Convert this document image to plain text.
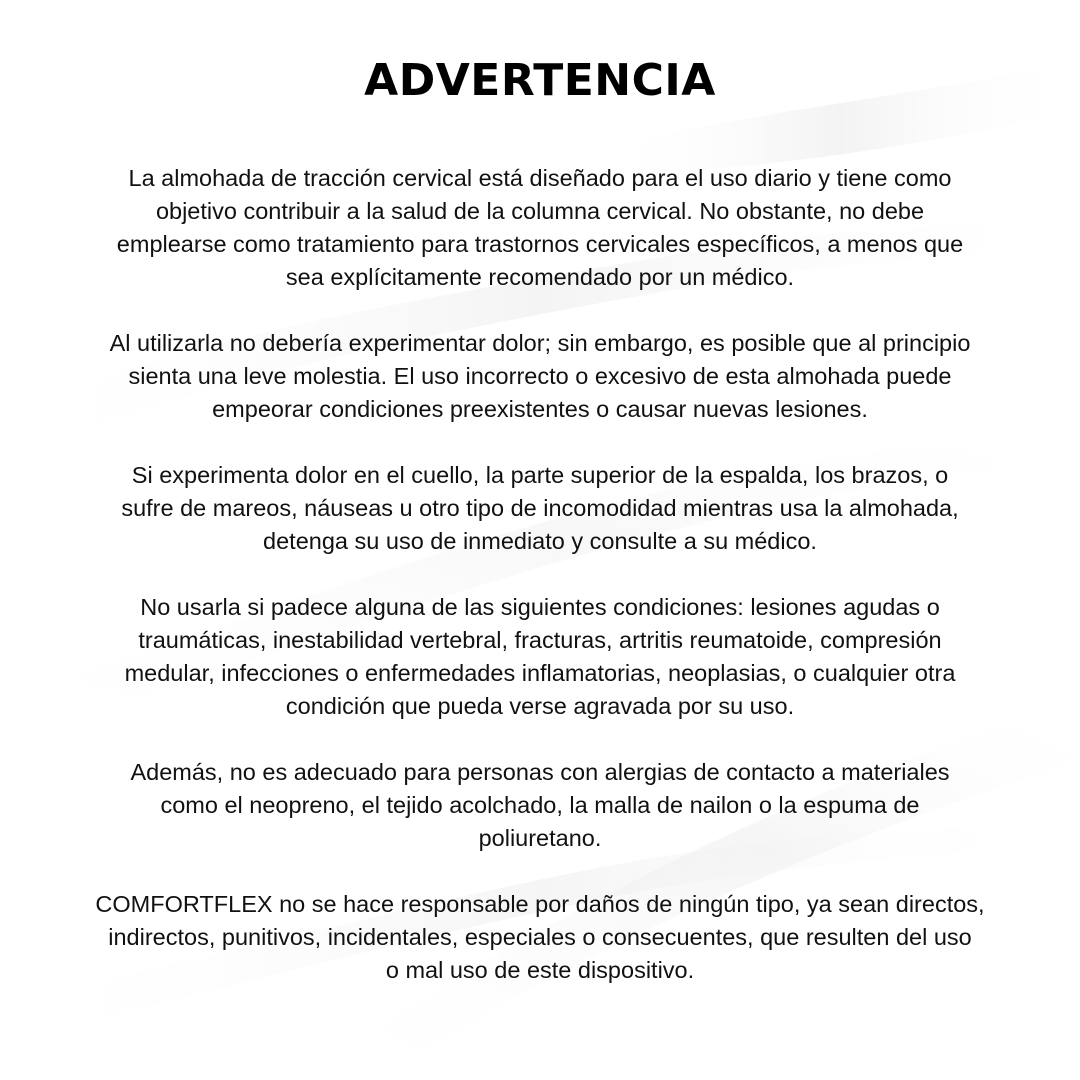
ADVERTENCIA

La almohada de tracción cervical está diseñado para el uso diario y tiene como
objetivo contribuir a la salud de la columna cervical. No obstante, no debe
emplearse como tratamiento para trastornos cervicales específicos, a menos que
sea explícitamente recomendado por un médico.

Al utilizarla no debería experimentar dolor; sin embargo, es posible que al principio
sienta una leve molestia. El uso incorrecto o excesivo de esta almohada puede
empeorar condiciones preexistentes o causar nuevas lesiones.

Si experimenta dolor en el cuello, la parte superior de la espalda, los brazos, o
sufre de mareos, náuseas u otro tipo de incomodidad mientras usa la almohada,
detenga su uso de inmediato y consulte a su médico.

No usarla si padece alguna de las siguientes condiciones: lesiones agudas o
traumáticas, inestabilidad vertebral, fracturas, artritis reumatoide, compresión
medular, infecciones o enfermedades inflamatorias, neoplasias, o cualquier otra
condición que pueda verse agravada por su uso.

Además, no es adecuado para personas con alergias de contacto a materiales
como el neopreno, el tejido acolchado, la malla de nailon o la espuma de
poliuretano.

COMFORTFLEX no se hace responsable por daños de ningún tipo, ya sean directos,
indirectos, punitivos, incidentales, especiales o consecuentes, que resulten del uso
o mal uso de este dispositivo.
